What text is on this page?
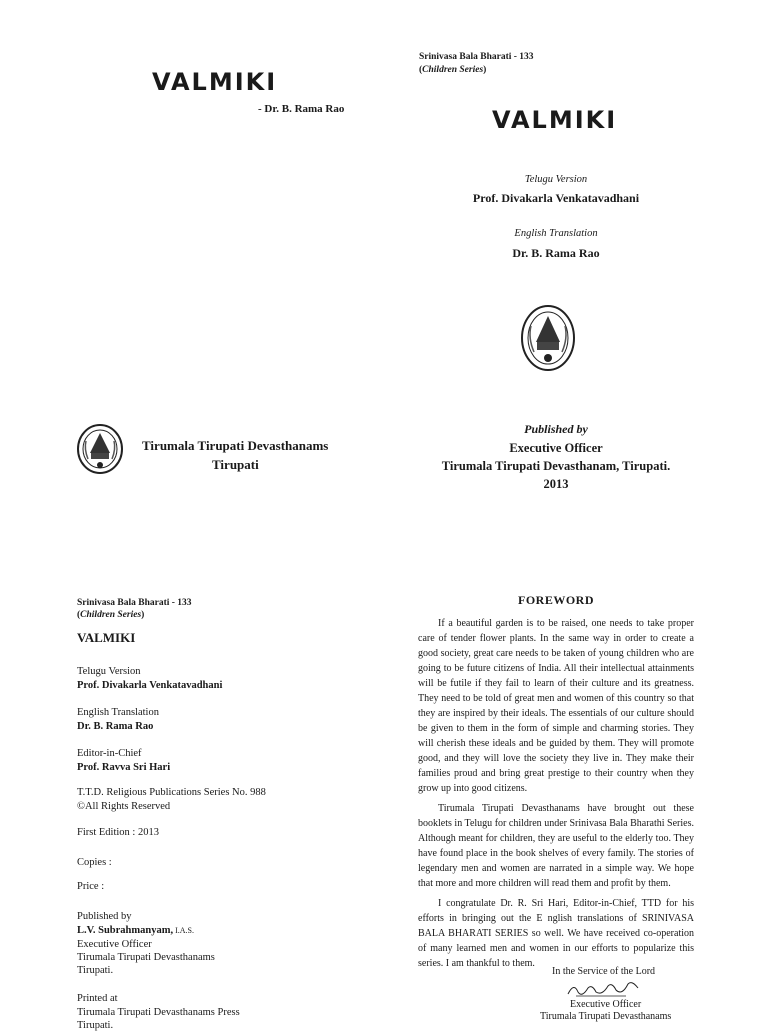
VALMIKI
- Dr. B. Rama Rao
Tirumala Tirupati Devasthanams
Tirupati
Srinivasa Bala Bharati - 133
(Children Series)
VALMIKI
Telugu Version
Prof. Divakarla Venkatavadhani
English Translation
Dr. B. Rama Rao
Published by
Executive Officer
Tirumala Tirupati Devasthanam, Tirupati.
2013
Srinivasa Bala Bharati - 133
(Children Series)
VALMIKI
Telugu Version
Prof. Divakarla Venkatavadhani
English Translation
Dr. B. Rama Rao
Editor-in-Chief
Prof. Ravva Sri Hari
T.T.D. Religious Publications Series No. 988
©All Rights Reserved
First Edition : 2013
Copies :
Price :
Published by
L.V. Subrahmanyam, I.A.S.
Executive Officer
Tirumala Tirupati Devasthanams
Tirupati.
Printed at
Tirumala Tirupati Devasthanams Press
Tirupati.
FOREWORD

If a beautiful garden is to be raised, one needs to take proper care of tender flower plants. In the same way in order to create a good society, great care needs to be taken of young children who are going to be future citizens of India. All their intellectual attainments will be futile if they fail to learn of their culture and its greatness. They need to be told of great men and women of this country so that they are inspired by their ideals. The essentials of our culture should be given to them in the form of simple and charming stories. They will cherish these ideals and be guided by them. They will promote good, and they will love the society they live in. They make their families proud and bring great prestige to their country when they grow up into good citizens.

Tirumala Tirupati Devasthanams have brought out these booklets in Telugu for children under Srinivasa Bala Bharathi Series. Although meant for children, they are useful to the elderly too. They have found place in the book shelves of every family. The stories of legendary men and women are narrated in a simple way. We hope that more and more children will read them and profit by them.

I congratulate Dr. R. Sri Hari, Editor-in-Chief, TTD for his efforts in bringing out the E nglish translations of SRINIVASA BALA BHARATI SERIES so well. We have received co-operation of many learned men and women in our efforts to popularize this series. I am thankful to them.

In the Service of the Lord
Executive Officer
Tirumala Tirupati Devasthanams
